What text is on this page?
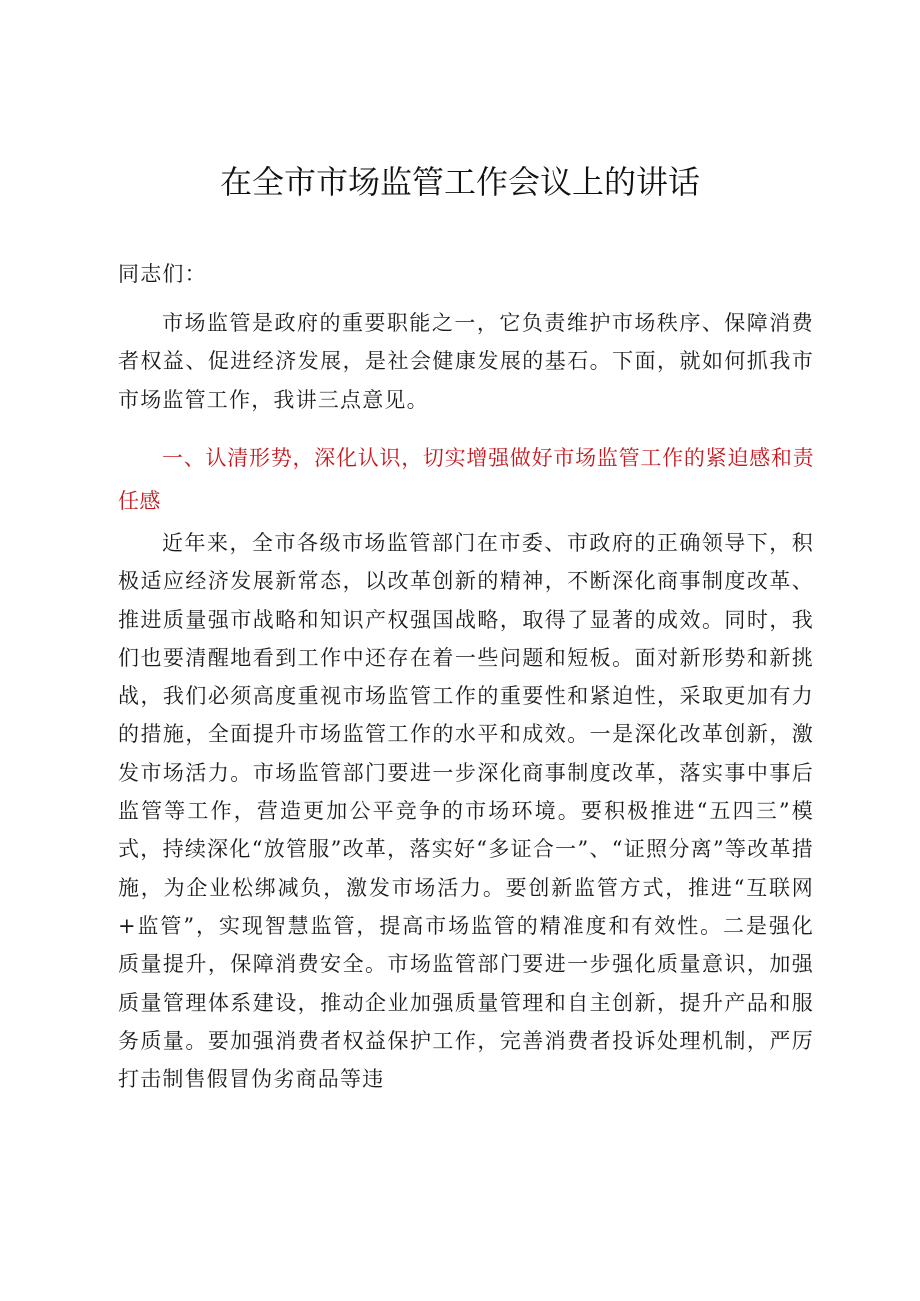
在全市市场监管工作会议上的讲话

同志们：

市场监管是政府的重要职能之一，它负责维护市场秩序、保障消费者权益、促进经济发展，是社会健康发展的基石。下面，就如何抓我市市场监管工作，我讲三点意见。

一、认清形势，深化认识，切实增强做好市场监管工作的紧迫感和责任感

近年来，全市各级市场监管部门在市委、市政府的正确领导下，积极适应经济发展新常态，以改革创新的精神，不断深化商事制度改革、推进质量强市战略和知识产权强国战略，取得了显著的成效。同时，我们也要清醒地看到工作中还存在着一些问题和短板。面对新形势和新挑战，我们必须高度重视市场监管工作的重要性和紧迫性，采取更加有力的措施，全面提升市场监管工作的水平和成效。一是深化改革创新，激发市场活力。市场监管部门要进一步深化商事制度改革，落实事中事后监管等工作，营造更加公平竞争的市场环境。要积极推进“五四三”模式，持续深化“放管服”改革，落实好“多证合一”、“证照分离”等改革措施，为企业松绑减负，激发市场活力。要创新监管方式，推进“互联网+监管”，实现智慧监管，提高市场监管的精准度和有效性。二是强化质量提升，保障消费安全。市场监管部门要进一步强化质量意识，加强质量管理体系建设，推动企业加强质量管理和自主创新，提升产品和服务质量。要加强消费者权益保护工作，完善消费者投诉处理机制，严厉打击制售假冒伪劣商品等违
